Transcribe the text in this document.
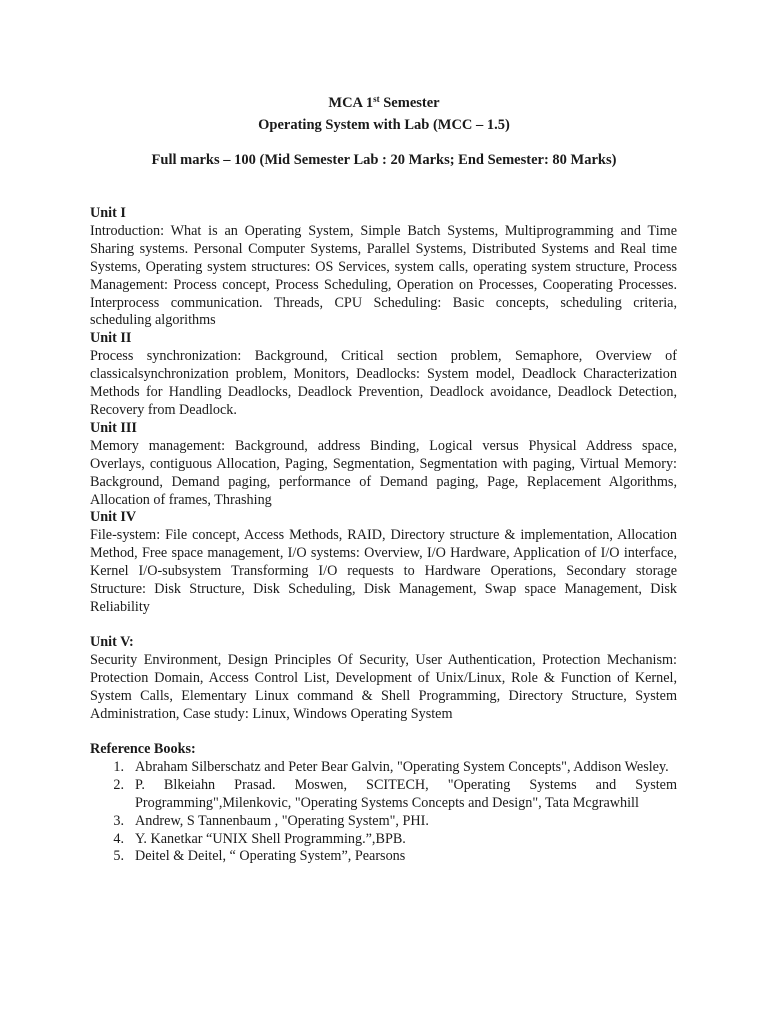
MCA 1st Semester
Operating System with Lab (MCC – 1.5)
Full marks – 100 (Mid Semester Lab : 20 Marks; End Semester: 80 Marks)

Unit I

Introduction: What is an Operating System, Simple Batch Systems, Multiprogramming and Time Sharing systems. Personal Computer Systems, Parallel Systems, Distributed Systems and Real time Systems, Operating system structures: OS Services, system calls, operating system structure, Process Management: Process concept, Process Scheduling, Operation on Processes, Cooperating Processes. Interprocess communication. Threads, CPU Scheduling: Basic concepts, scheduling criteria, scheduling algorithms

Unit II

Process synchronization: Background, Critical section problem, Semaphore, Overview of classicalsynchronization problem, Monitors, Deadlocks: System model, Deadlock Characterization Methods for Handling Deadlocks, Deadlock Prevention, Deadlock avoidance, Deadlock Detection, Recovery from Deadlock.

Unit III

Memory management: Background, address Binding, Logical versus Physical Address space, Overlays, contiguous Allocation, Paging, Segmentation, Segmentation with paging, Virtual Memory: Background, Demand paging, performance of Demand paging, Page, Replacement Algorithms, Allocation of frames, Thrashing

Unit IV

File-system: File concept, Access Methods, RAID, Directory structure & implementation, Allocation Method, Free space management, I/O systems: Overview, I/O Hardware, Application of I/O interface, Kernel I/O-subsystem Transforming I/O requests to Hardware Operations, Secondary storage Structure: Disk Structure, Disk Scheduling, Disk Management, Swap space Management, Disk Reliability

Unit V:

Security Environment, Design Principles Of Security, User Authentication, Protection Mechanism: Protection Domain, Access Control List, Development of Unix/Linux, Role & Function of Kernel, System Calls, Elementary Linux command & Shell Programming, Directory Structure, System Administration, Case study: Linux, Windows Operating System

Reference Books:

1. Abraham Silberschatz and Peter Bear Galvin, "Operating System Concepts", Addison Wesley.
2. P. Blkeiahn Prasad. Moswen, SCITECH, "Operating Systems and System Programming",Milenkovic, "Operating Systems Concepts and Design", Tata Mcgrawhill
3. Andrew, S Tannenbaum , "Operating System", PHI.
4. Y. Kanetkar “UNIX Shell Programming.”,BPB.
5. Deitel & Deitel, “ Operating System”, Pearsons
